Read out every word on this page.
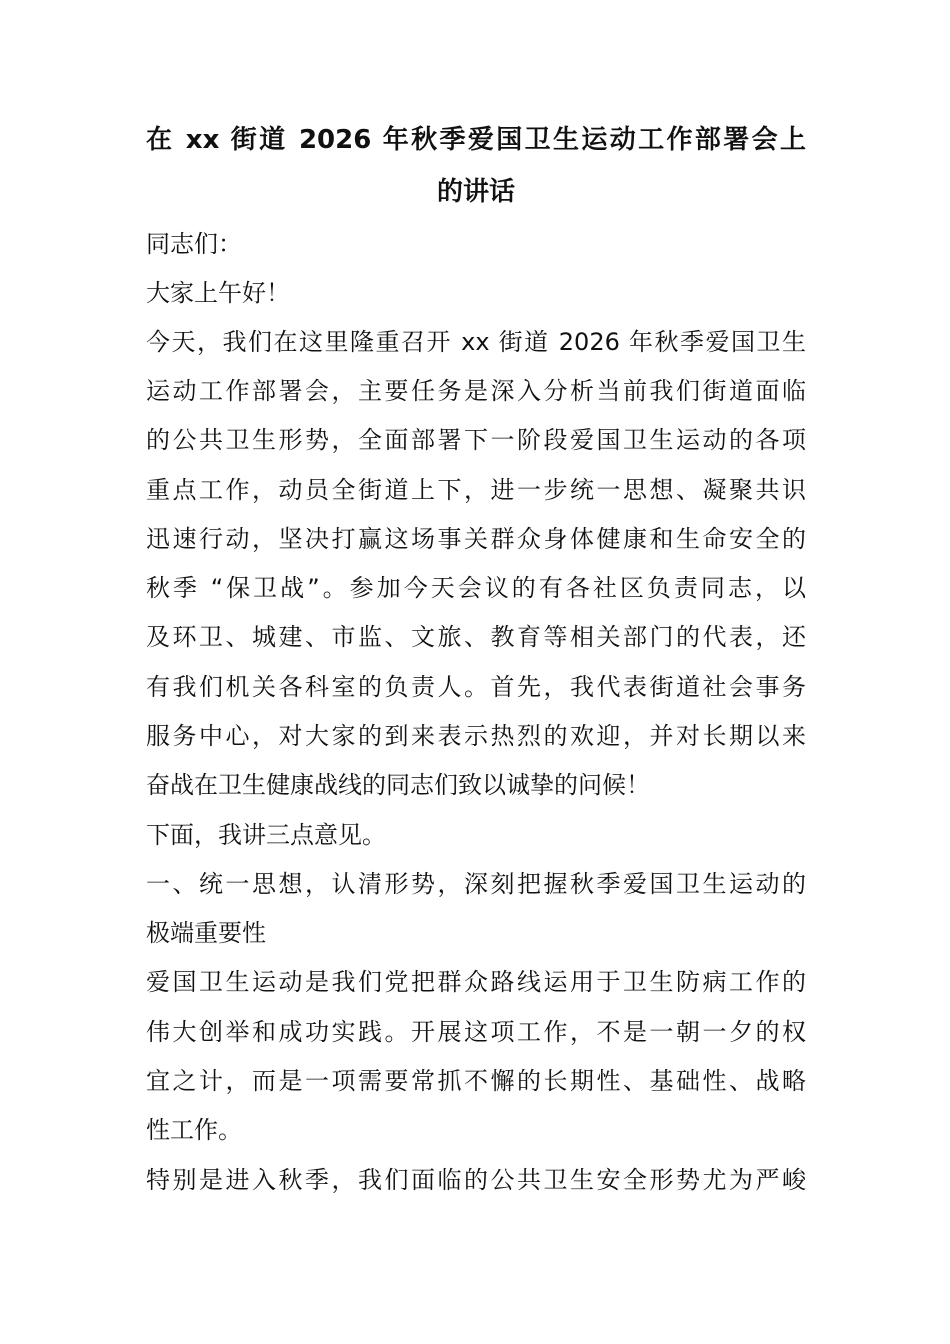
在 xx 街道 2026 年秋季爱国卫生运动工作部署会上
的讲话
同志们：
大家上午好！
今天，我们在这里隆重召开 xx 街道 2026 年秋季爱国卫生
运动工作部署会，主要任务是深入分析当前我们街道面临
的公共卫生形势，全面部署下一阶段爱国卫生运动的各项
重点工作，动员全街道上下，进一步统一思想、凝聚共识
迅速行动，坚决打赢这场事关群众身体健康和生命安全的
秋季 “保卫战”。参加今天会议的有各社区负责同志，以
及环卫、城建、市监、文旅、教育等相关部门的代表，还
有我们机关各科室的负责人。首先，我代表街道社会事务
服务中心，对大家的到来表示热烈的欢迎，并对长期以来
奋战在卫生健康战线的同志们致以诚挚的问候！
下面，我讲三点意见。
一、统一思想，认清形势，深刻把握秋季爱国卫生运动的
极端重要性
爱国卫生运动是我们党把群众路线运用于卫生防病工作的
伟大创举和成功实践。开展这项工作，不是一朝一夕的权
宜之计，而是一项需要常抓不懈的长期性、基础性、战略
性工作。
特别是进入秋季，我们面临的公共卫生安全形势尤为严峻
